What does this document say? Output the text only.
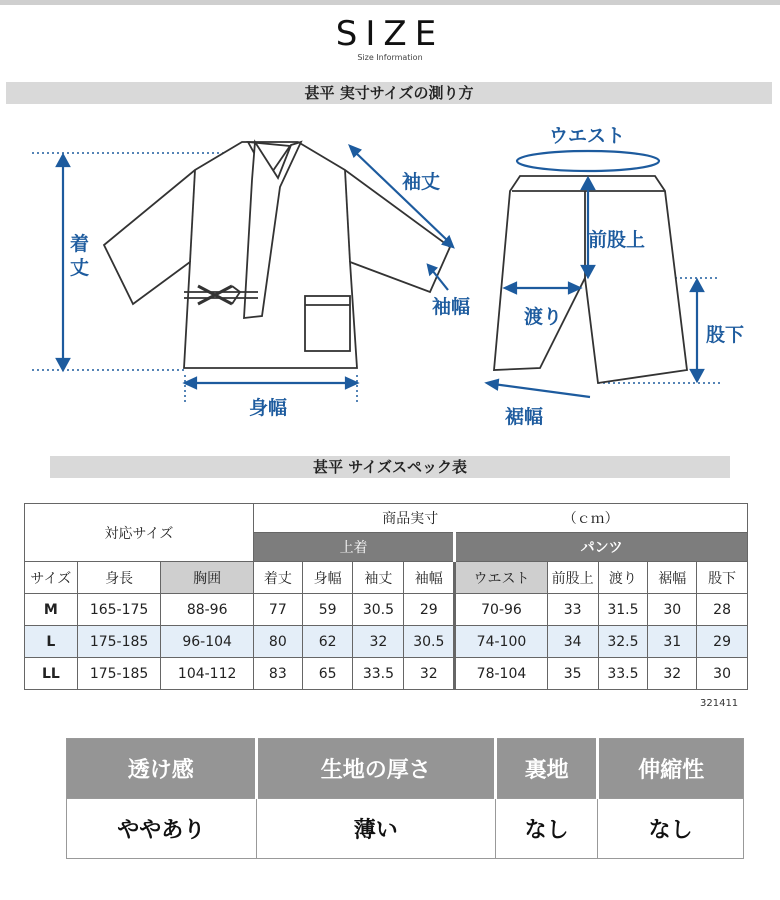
SIZE
Size Information
甚平 実寸サイズの測り方
着丈
袖丈
袖幅
身幅
ウエスト
前股上
渡り
股下
裾幅
甚平 サイズスペック表
対応サイズ			商品実寸 （ｃｍ）								
			上着				パンツ				
サイズ	身長	胸囲	着丈	身幅	袖丈	袖幅	ウエスト	前股上	渡り	裾幅	股下
M	165-175	88-96	77	59	30.5	29	70-96	33	31.5	30	28
L	175-185	96-104	80	62	32	30.5	74-100	34	32.5	31	29
LL	175-185	104-112	83	65	33.5	32	78-104	35	33.5	32	30
321411
透け感	生地の厚さ	裏地	伸縮性
ややあり	薄い	なし	なし
